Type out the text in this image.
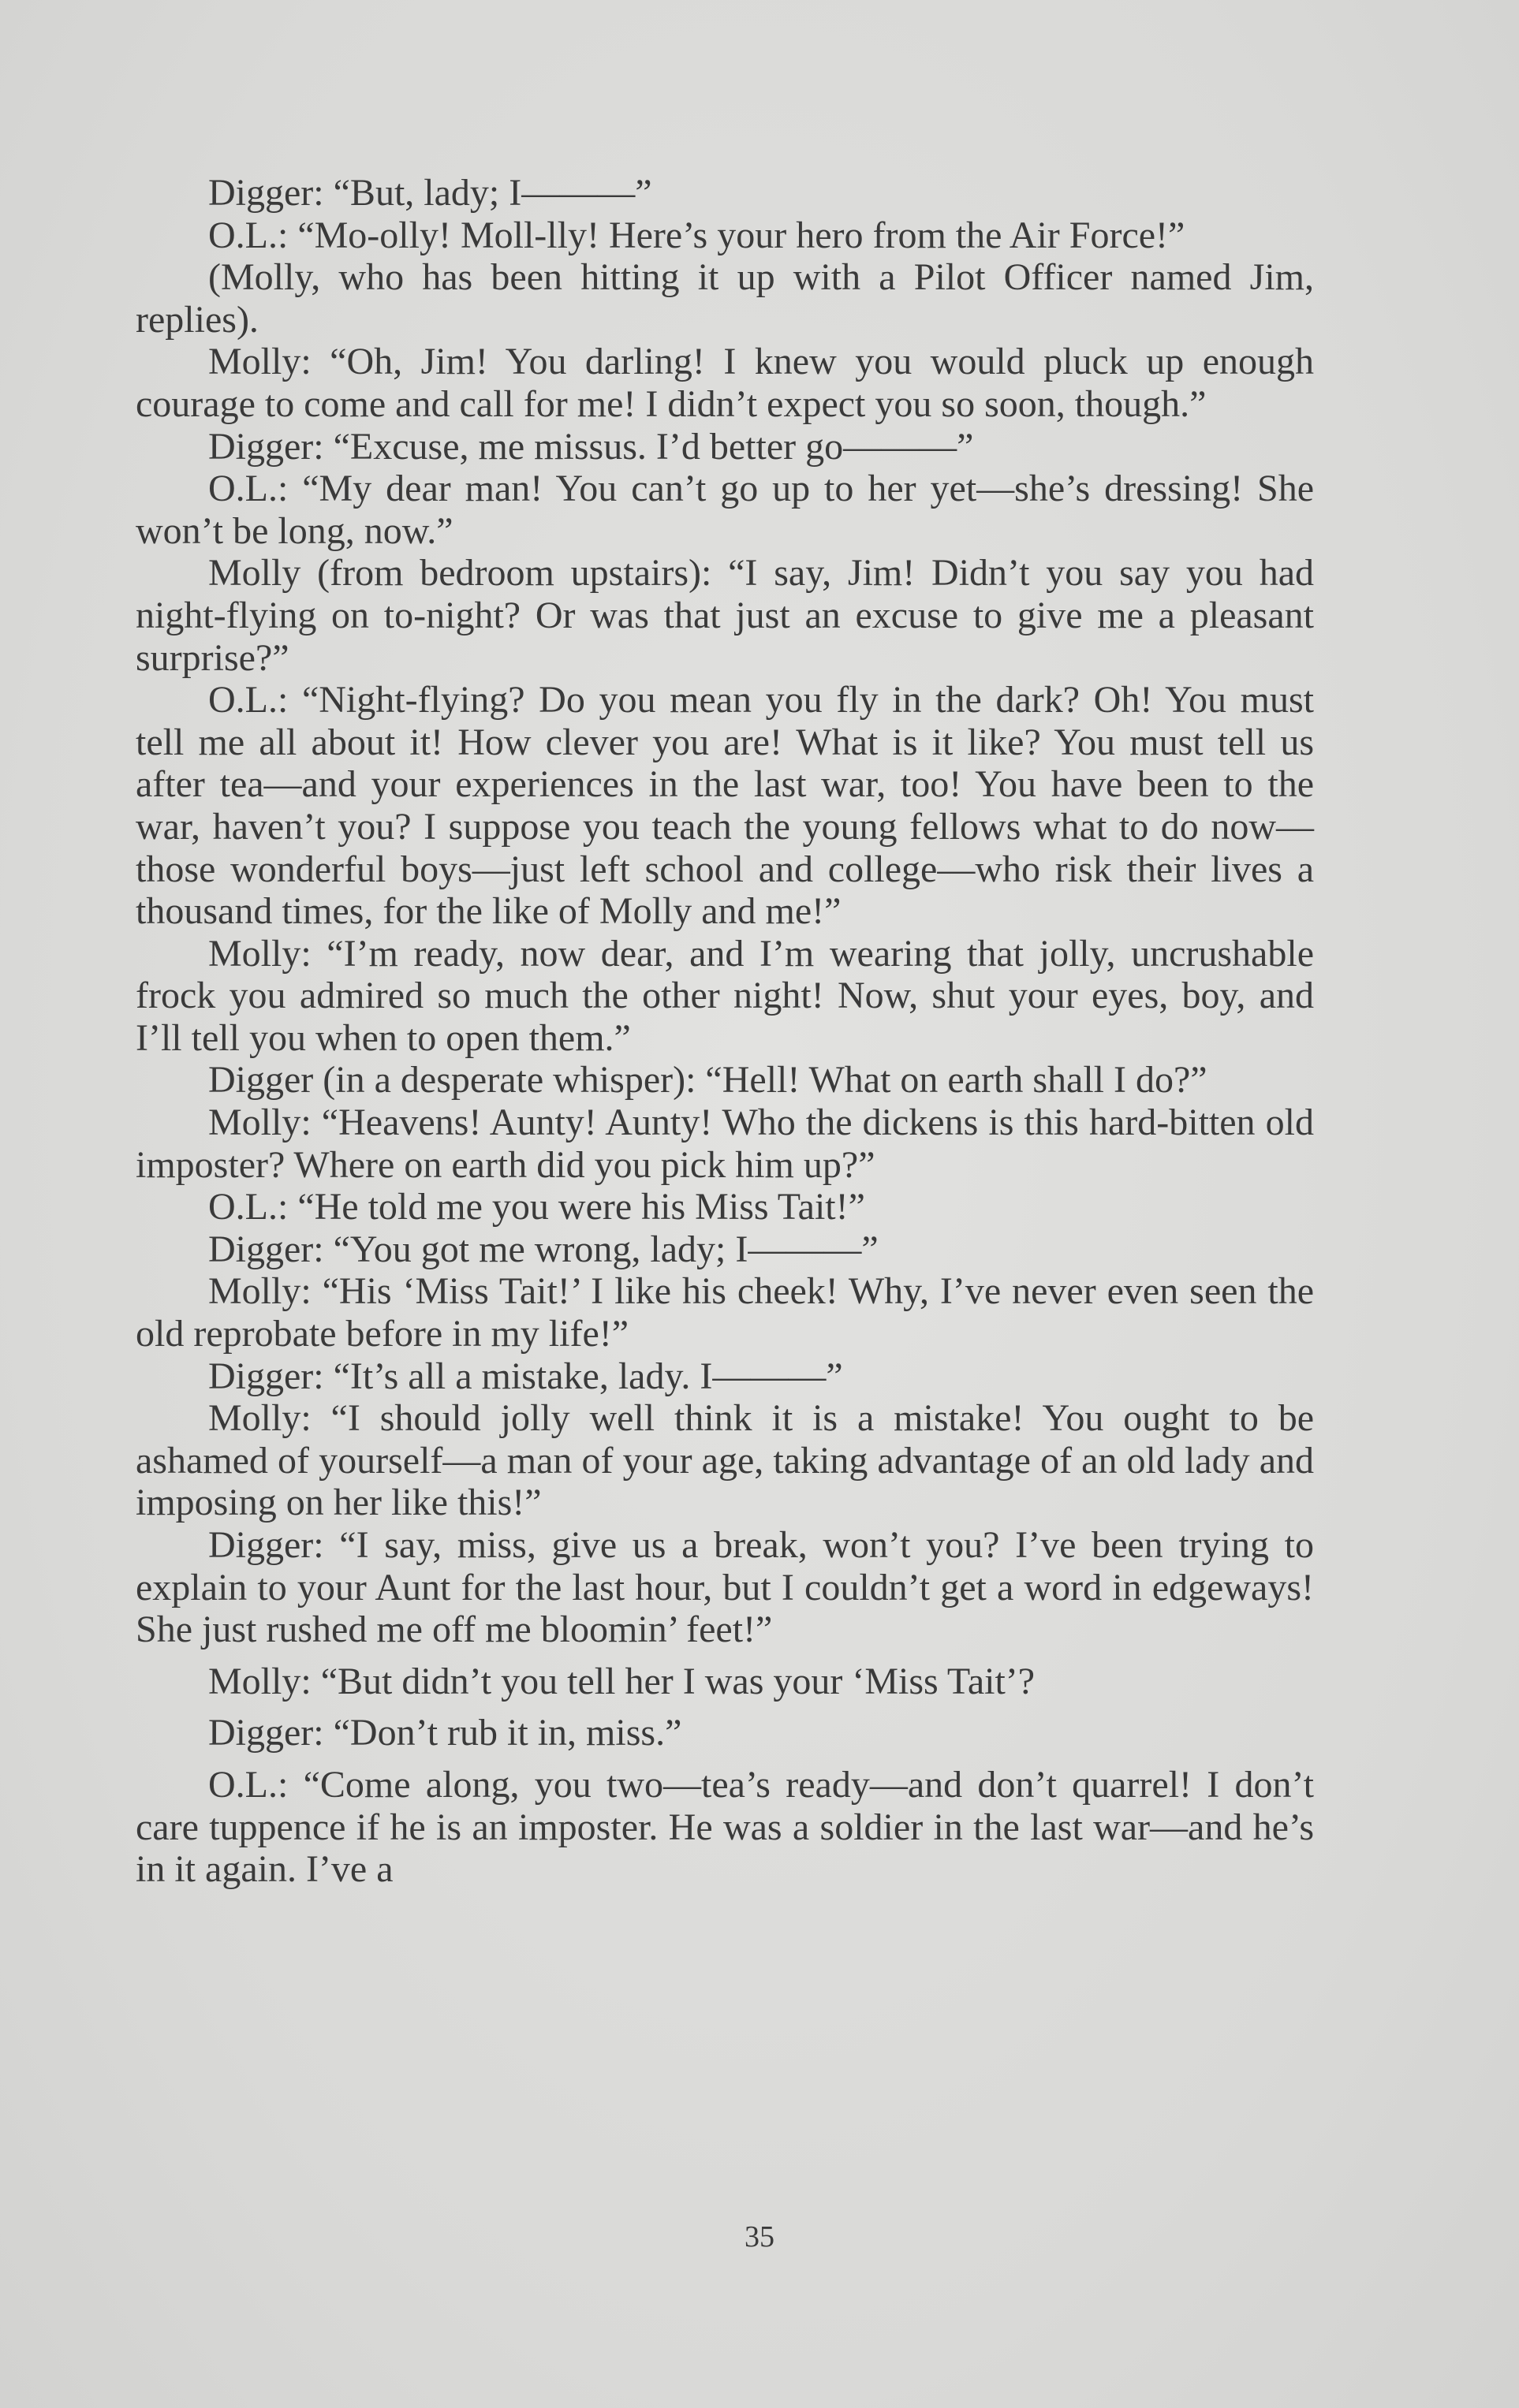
Digger: “But, lady; I———”

O.L.: “Mo-olly! Moll-lly! Here’s your hero from the Air Force!”

(Molly, who has been hitting it up with a Pilot Officer named Jim, replies).

Molly: “Oh, Jim! You darling! I knew you would pluck up enough courage to come and call for me! I didn’t expect you so soon, though.”

Digger: “Excuse, me missus. I’d better go———”

O.L.: “My dear man! You can’t go up to her yet—she’s dressing! She won’t be long, now.”

Molly (from bedroom upstairs): “I say, Jim! Didn’t you say you had night-flying on to-night? Or was that just an excuse to give me a pleasant surprise?”

O.L.: “Night-flying? Do you mean you fly in the dark? Oh! You must tell me all about it! How clever you are! What is it like? You must tell us after tea—and your experiences in the last war, too! You have been to the war, haven’t you? I suppose you teach the young fellows what to do now—those wonderful boys—just left school and college—who risk their lives a thousand times, for the like of Molly and me!”

Molly: “I’m ready, now dear, and I’m wearing that jolly, uncrushable frock you admired so much the other night! Now, shut your eyes, boy, and I’ll tell you when to open them.”

Digger (in a desperate whisper): “Hell! What on earth shall I do?”

Molly: “Heavens! Aunty! Aunty! Who the dickens is this hard-bitten old imposter? Where on earth did you pick him up?”

O.L.: “He told me you were his Miss Tait!”

Digger: “You got me wrong, lady; I———”

Molly: “His ‘Miss Tait!’ I like his cheek! Why, I’ve never even seen the old reprobate before in my life!”

Digger: “It’s all a mistake, lady. I———”

Molly: “I should jolly well think it is a mistake! You ought to be ashamed of yourself—a man of your age, taking advantage of an old lady and imposing on her like this!”

Digger: “I say, miss, give us a break, won’t you? I’ve been trying to explain to your Aunt for the last hour, but I couldn’t get a word in edgeways! She just rushed me off me bloomin’ feet!”

Molly: “But didn’t you tell her I was your ‘Miss Tait’?

Digger: “Don’t rub it in, miss.”

O.L.: “Come along, you two—tea’s ready—and don’t quarrel! I don’t care tuppence if he is an imposter. He was a soldier in the last war—and he’s in it again. I’ve a

35
